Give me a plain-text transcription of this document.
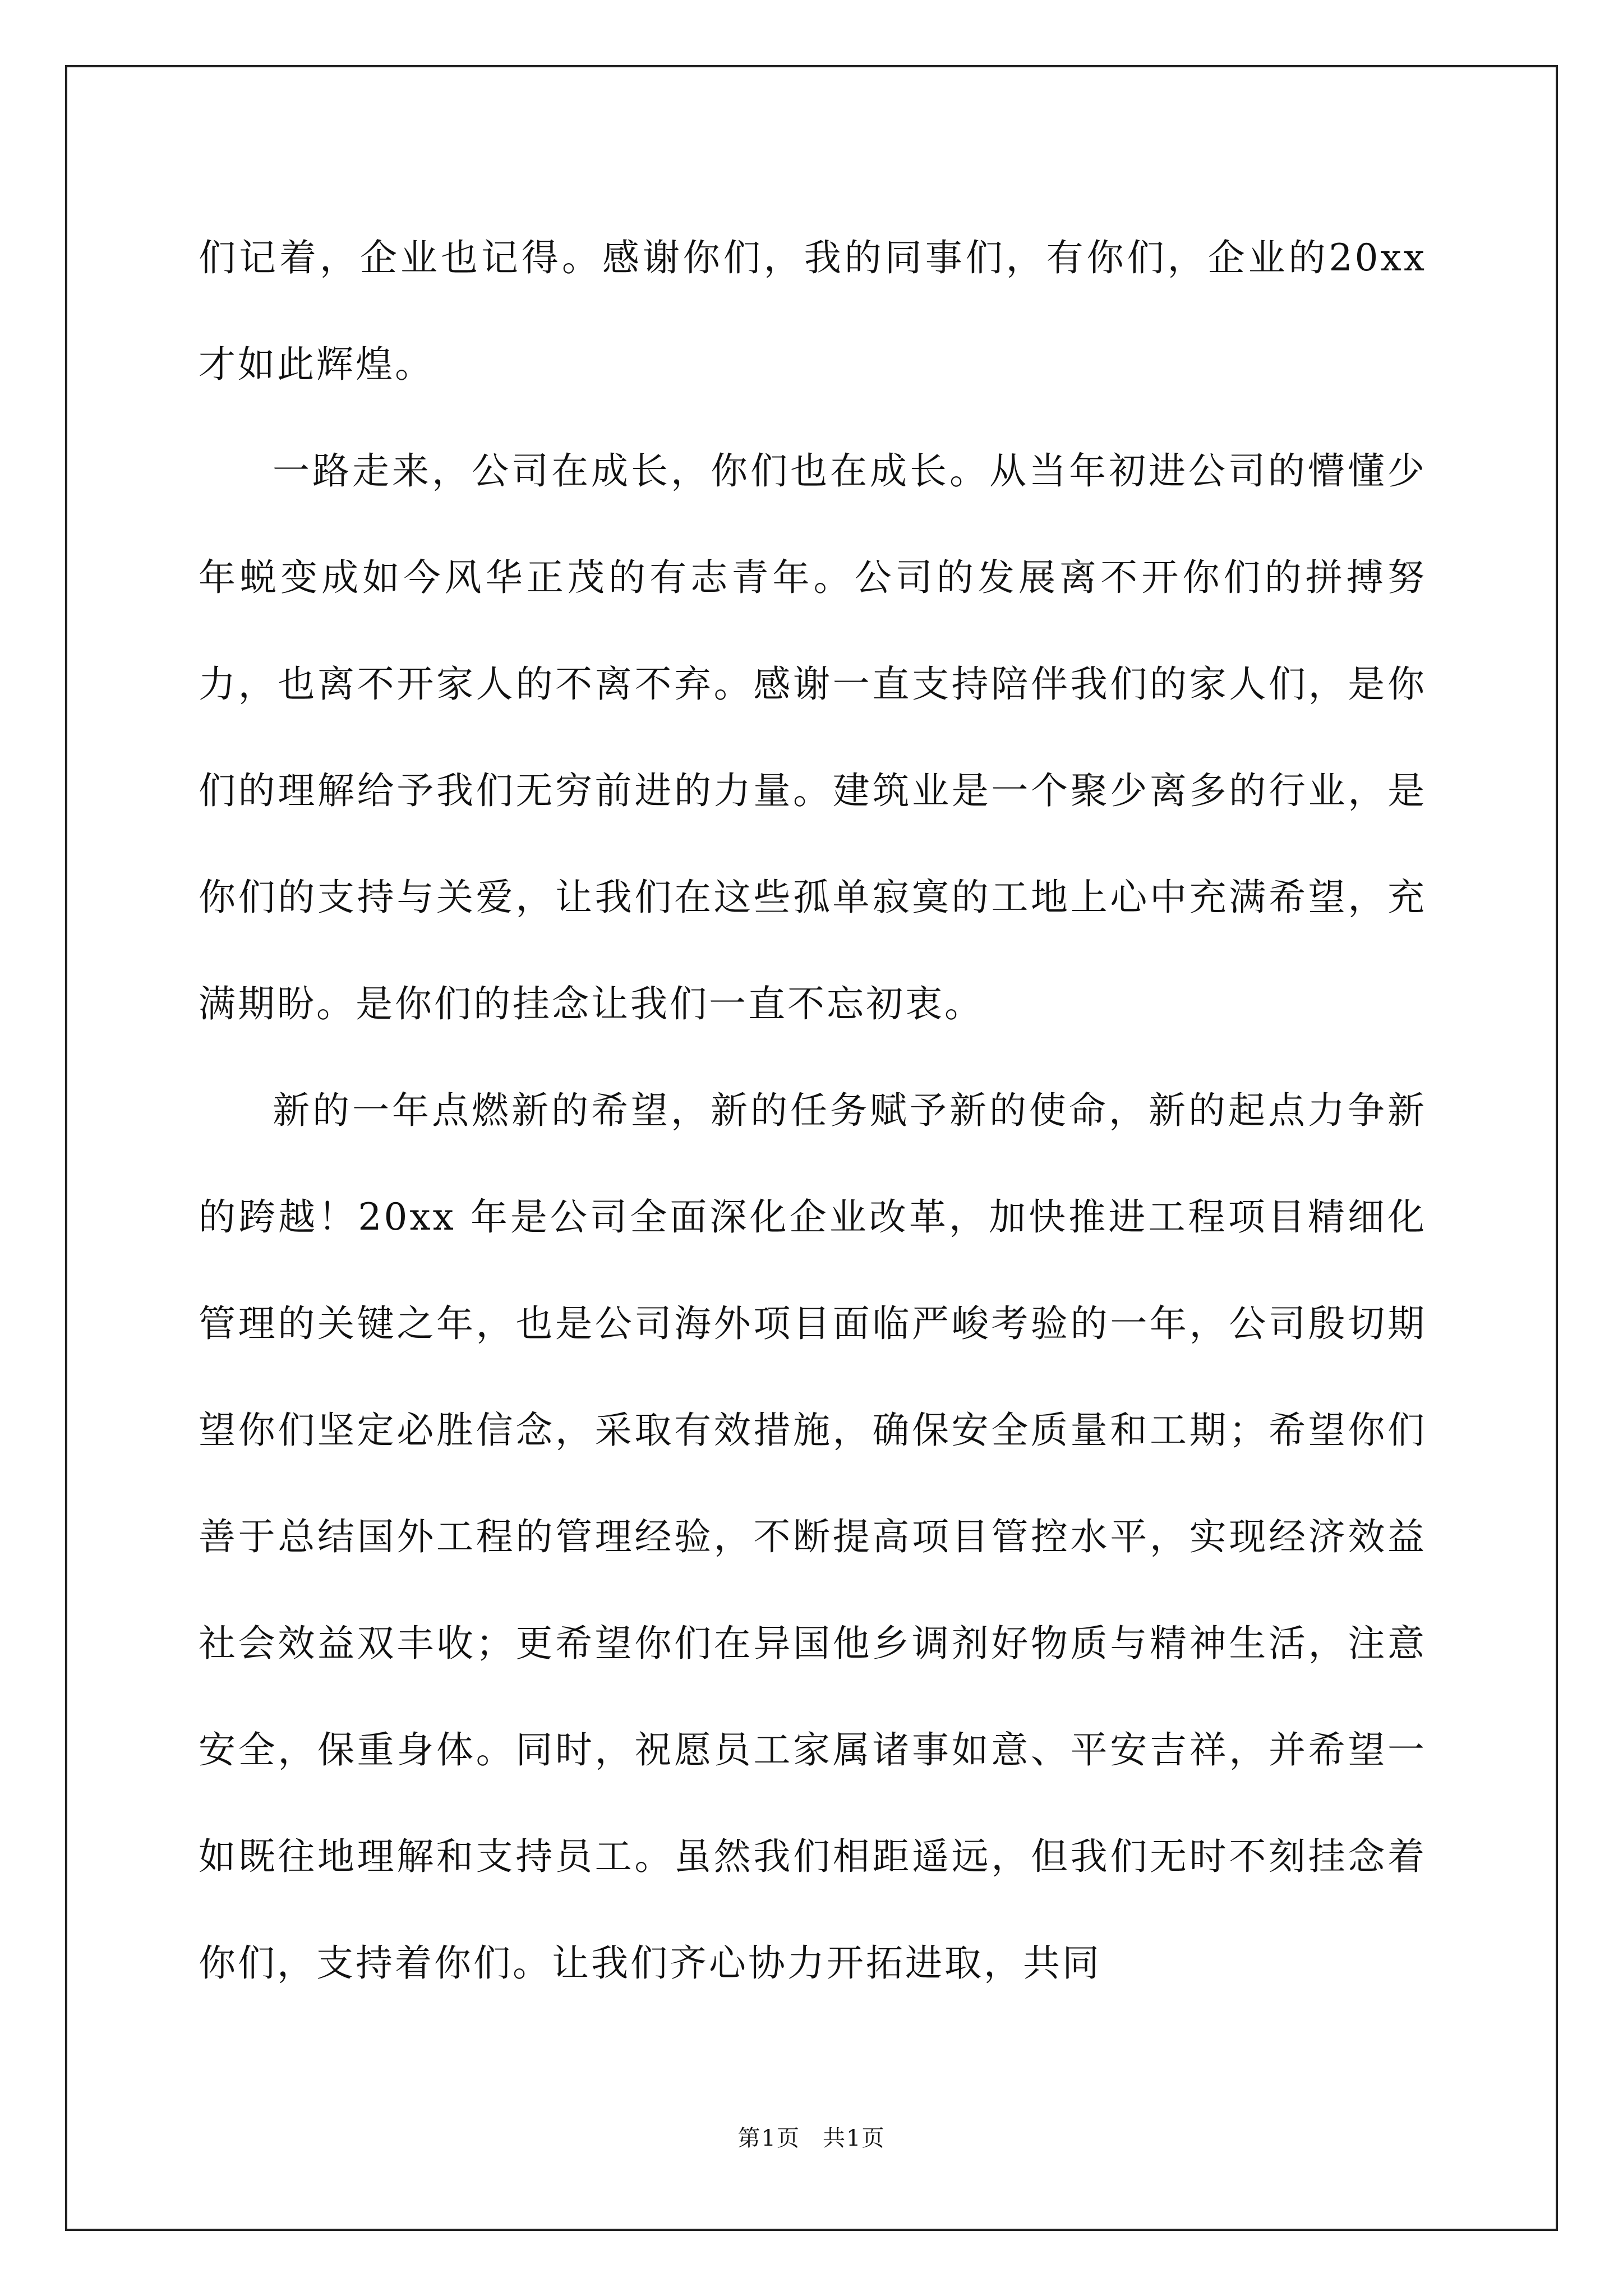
们记着，企业也记得。感谢你们，我的同事们，有你们，企业的20xx才如此辉煌。

一路走来，公司在成长，你们也在成长。从当年初进公司的懵懂少年蜕变成如今风华正茂的有志青年。公司的发展离不开你们的拼搏努力，也离不开家人的不离不弃。感谢一直支持陪伴我们的家人们，是你们的理解给予我们无穷前进的力量。建筑业是一个聚少离多的行业，是你们的支持与关爱，让我们在这些孤单寂寞的工地上心中充满希望，充满期盼。是你们的挂念让我们一直不忘初衷。

新的一年点燃新的希望，新的任务赋予新的使命，新的起点力争新的跨越！20xx 年是公司全面深化企业改革，加快推进工程项目精细化管理的关键之年，也是公司海外项目面临严峻考验的一年，公司殷切期望你们坚定必胜信念，采取有效措施，确保安全质量和工期；希望你们善于总结国外工程的管理经验，不断提高项目管控水平，实现经济效益社会效益双丰收；更希望你们在异国他乡调剂好物质与精神生活，注意安全，保重身体。同时，祝愿员工家属诸事如意、平安吉祥，并希望一如既往地理解和支持员工。虽然我们相距遥远，但我们无时不刻挂念着你们，支持着你们。让我们齐心协力开拓进取，共同

第1页 共1页
